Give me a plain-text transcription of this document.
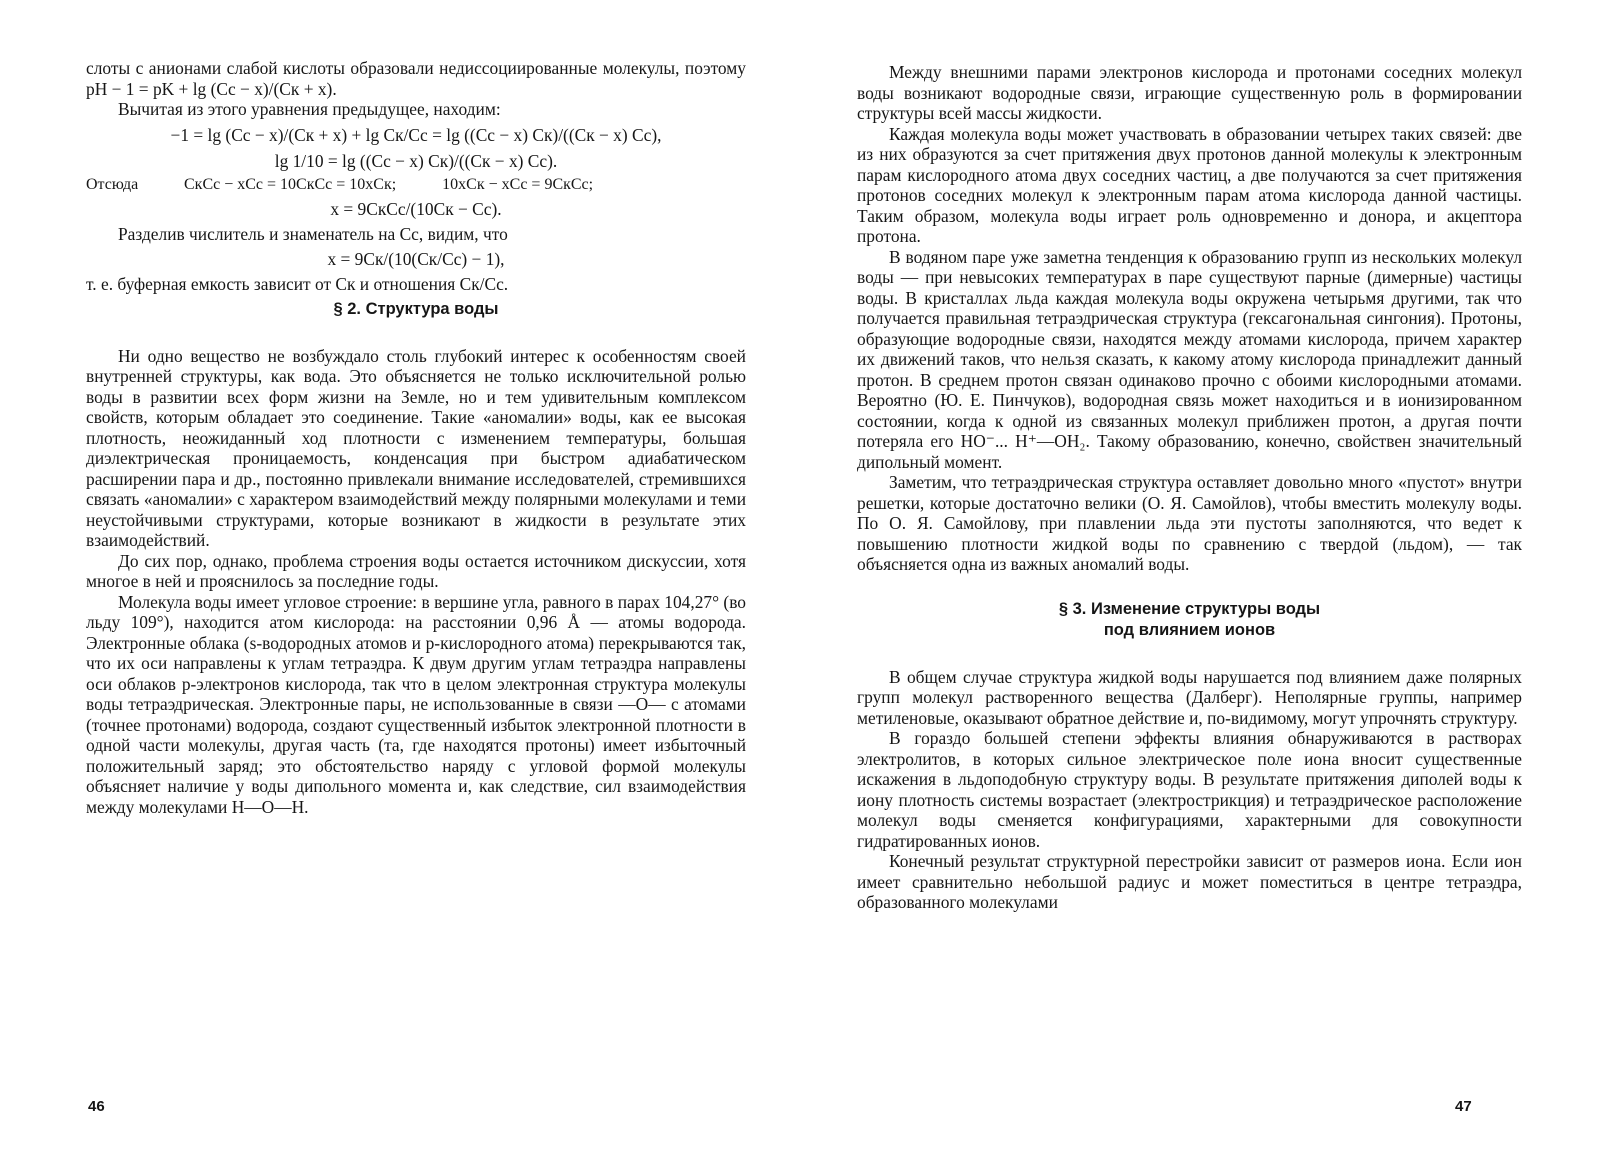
слоты с анионами слабой кислоты образовали недиссоциированные молекулы, поэтому pH − 1 = pK + lg (Cс − x)/(Cк + x).

Вычитая из этого уравнения предыдущее, находим:

−1 = lg (Cс − x)/(Cк + x) + lg Cк/Cс = lg ((Cс − x) Cк)/((Cк − x) Cс),
lg 1/10 = lg ((Cс − x) Cк)/((Cк − x) Cс).
Отсюда	CкCс − xCс = 10CкCс = 10xCк;	10xCк − xCс = 9CкCс;
x = 9CкCс/(10Cк − Cс).

Разделив числитель и знаменатель на Cс, видим, что

x = 9Cк/(10(Cк/Cс) − 1),

т. е. буферная емкость зависит от Cк и отношения Cк/Cс.

§ 2. Структура воды

Ни одно вещество не возбуждало столь глубокий интерес к особенностям своей внутренней структуры, как вода. Это объясняется не только исключительной ролью воды в развитии всех форм жизни на Земле, но и тем удивительным комплексом свойств, которым обладает это соединение. Такие «аномалии» воды, как ее высокая плотность, неожиданный ход плотности с изменением температуры, большая диэлектрическая проницаемость, конденсация при быстром адиабатическом расширении пара и др., постоянно привлекали внимание исследователей, стремившихся связать «аномалии» с характером взаимодействий между полярными молекулами и теми неустойчивыми структурами, которые возникают в жидкости в результате этих взаимодействий.

До сих пор, однако, проблема строения воды остается источником дискуссии, хотя многое в ней и прояснилось за последние годы.

Молекула воды имеет угловое строение: в вершине угла, равного в парах 104,27° (во льду 109°), находится атом кислорода: на расстоянии 0,96 Å — атомы водорода. Электронные облака (s-водородных атомов и p-кислородного атома) перекрываются так, что их оси направлены к углам тетраэдра. К двум другим углам тетраэдра направлены оси облаков p-электронов кислорода, так что в целом электронная структура молекулы воды тетраэдрическая. Электронные пары, не использованные в связи —O— с атомами (точнее протонами) водорода, создают существенный избыток электронной плотности в одной части молекулы, другая часть (та, где находятся протоны) имеет избыточный положительный заряд; это обстоятельство наряду с угловой формой молекулы объясняет наличие у воды дипольного момента и, как следствие, сил взаимодействия между молекулами H—O—H.

46

Между внешними парами электронов кислорода и протонами соседних молекул воды возникают водородные связи, играющие существенную роль в формировании структуры всей массы жидкости.

Каждая молекула воды может участвовать в образовании четырех таких связей: две из них образуются за счет притяжения двух протонов данной молекулы к электронным парам кислородного атома двух соседних частиц, а две получаются за счет притяжения протонов соседних молекул к электронным парам атома кислорода данной частицы. Таким образом, молекула воды играет роль одновременно и донора, и акцептора протона.

В водяном паре уже заметна тенденция к образованию групп из нескольких молекул воды — при невысоких температурах в паре существуют парные (димерные) частицы воды. В кристаллах льда каждая молекула воды окружена четырьмя другими, так что получается правильная тетраэдрическая структура (гексагональная сингония). Протоны, образующие водородные связи, находятся между атомами кислорода, причем характер их движений таков, что нельзя сказать, к какому атому кислорода принадлежит данный протон. В среднем протон связан одинаково прочно с обоими кислородными атомами. Вероятно (Ю. Е. Пинчуков), водородная связь может находиться и в ионизированном состоянии, когда к одной из связанных молекул приближен протон, а другая почти потеряла его HO⁻... H⁺—OH₂. Такому образованию, конечно, свойствен значительный дипольный момент.

Заметим, что тетраэдрическая структура оставляет довольно много «пустот» внутри решетки, которые достаточно велики (О. Я. Самойлов), чтобы вместить молекулу воды. По О. Я. Самойлову, при плавлении льда эти пустоты заполняются, что ведет к повышению плотности жидкой воды по сравнению с твердой (льдом), — так объясняется одна из важных аномалий воды.

§ 3. Изменение структуры воды
под влиянием ионов

В общем случае структура жидкой воды нарушается под влиянием даже полярных групп молекул растворенного вещества (Далберг). Неполярные группы, например метиленовые, оказывают обратное действие и, по-видимому, могут упрочнять структуру.

В гораздо большей степени эффекты влияния обнаруживаются в растворах электролитов, в которых сильное электрическое поле иона вносит существенные искажения в льдоподобную структуру воды. В результате притяжения диполей воды к иону плотность системы возрастает (электрострикция) и тетраэдрическое расположение молекул воды сменяется конфигурациями, характерными для совокупности гидратированных ионов.

Конечный результат структурной перестройки зависит от размеров иона. Если ион имеет сравнительно небольшой радиус и может поместиться в центре тетраэдра, образованного молекулами

47
